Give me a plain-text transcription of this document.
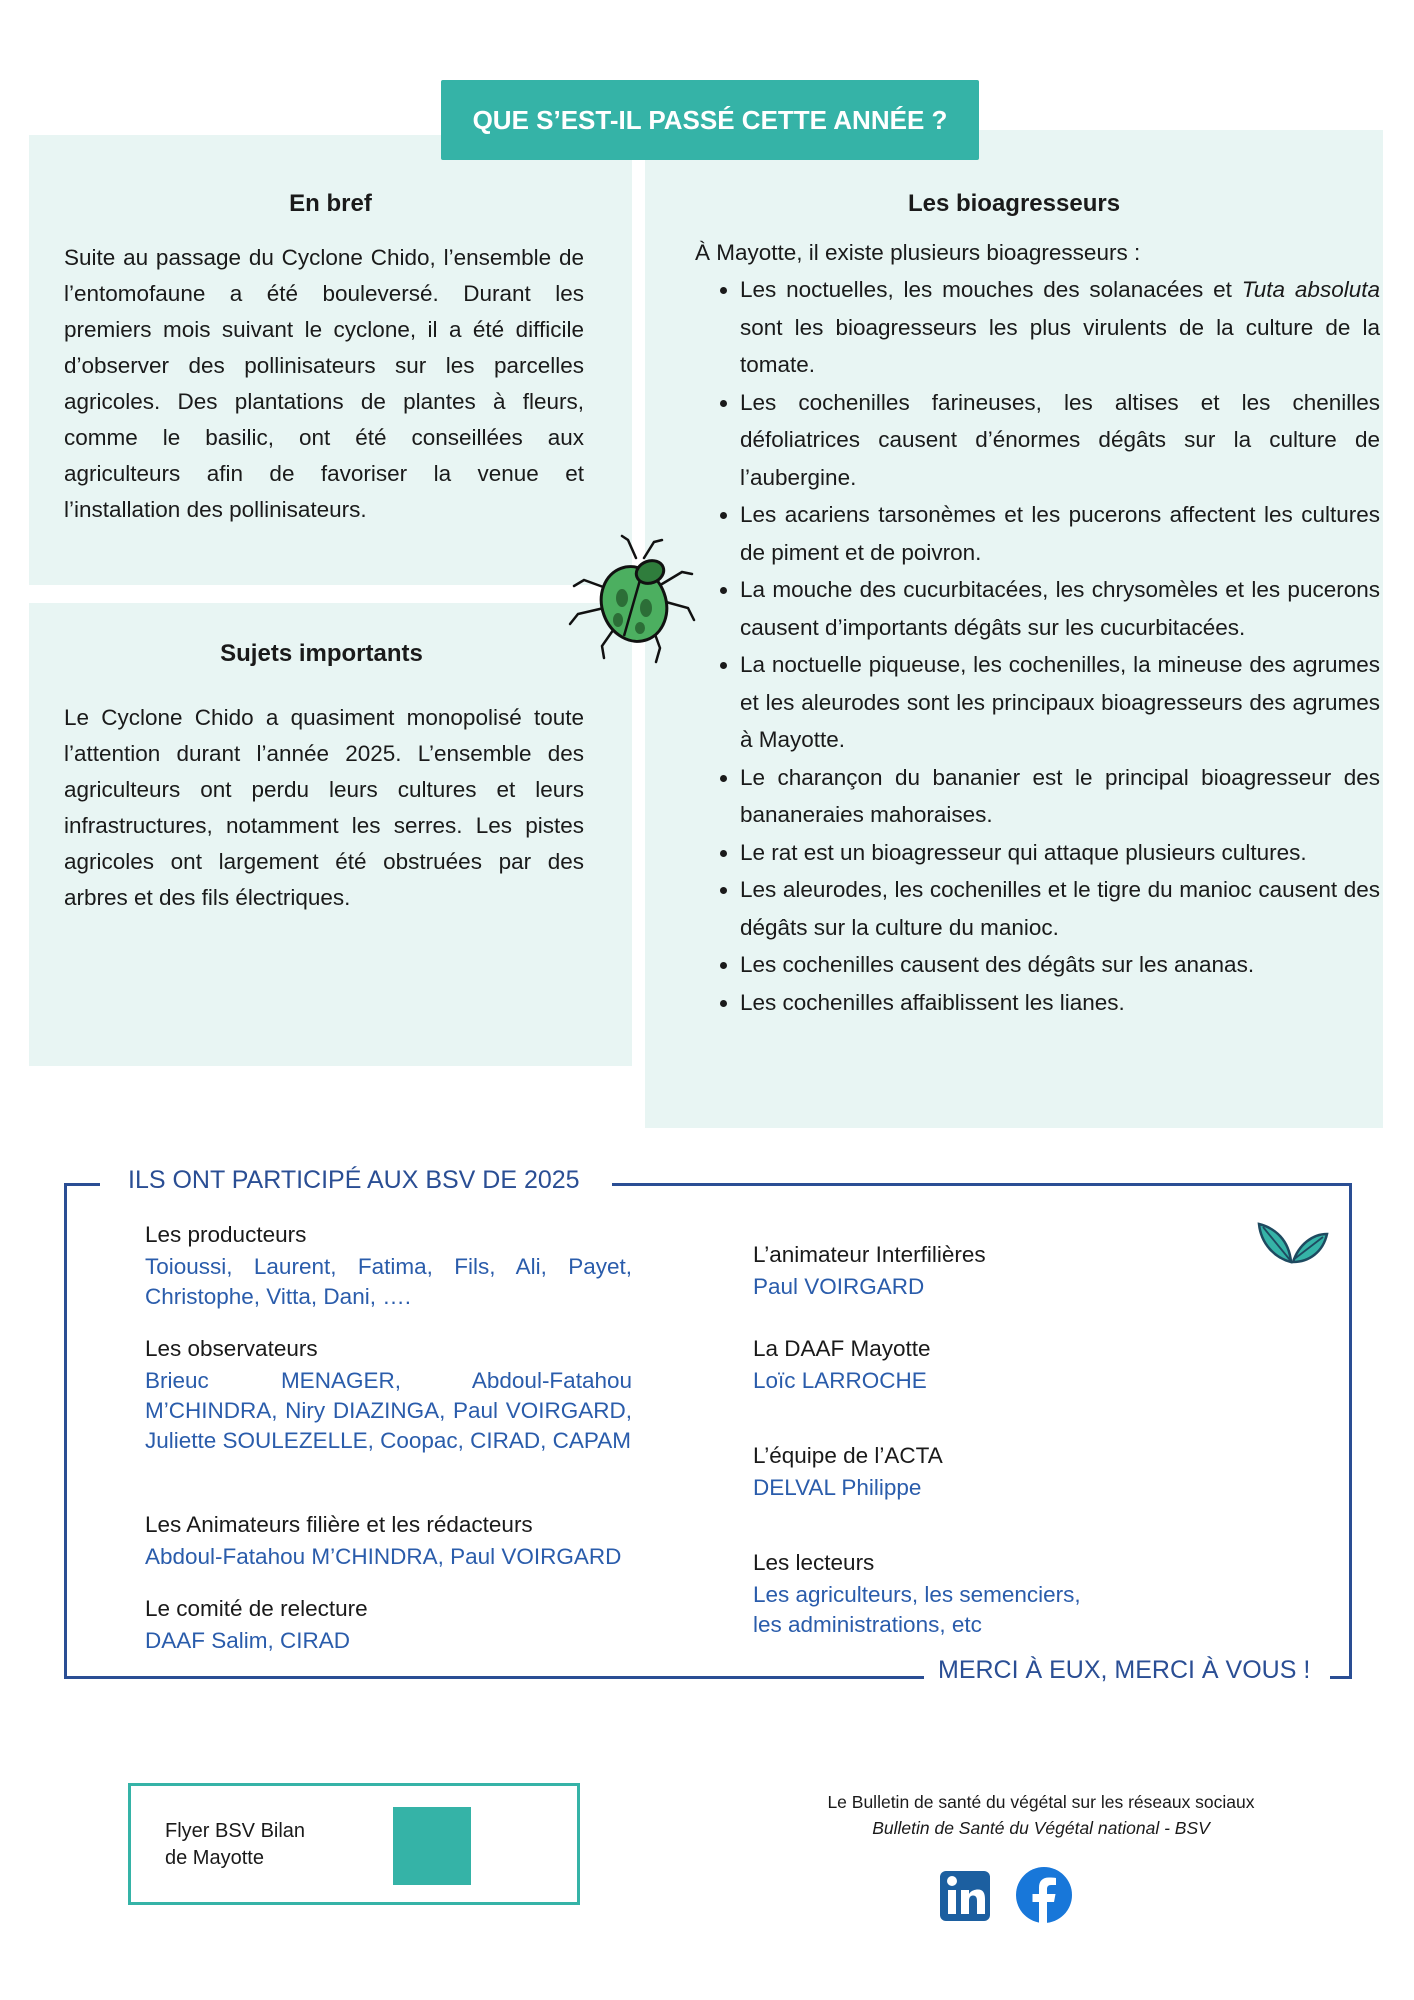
QUE S’EST-IL PASSÉ CETTE ANNÉE ?
En bref

Suite au passage du Cyclone Chido, l’ensemble de l’entomofaune a été bouleversé. Durant les premiers mois suivant le cyclone, il a été difficile d’observer des pollinisateurs sur les parcelles agricoles. Des plantations de plantes à fleurs, comme le basilic, ont été conseillées aux agriculteurs afin de favoriser la venue et l’installation des pollinisateurs.

Sujets importants

Le Cyclone Chido a quasiment monopolisé toute l’attention durant l’année 2025. L’ensemble des agriculteurs ont perdu leurs cultures et leurs infrastructures, notamment les serres. Les pistes agricoles ont largement été obstruées par des arbres et des fils électriques.

Les bioagresseurs
À Mayotte, il existe plusieurs bioagresseurs :
• Les noctuelles, les mouches des solanacées et Tuta absoluta sont les bioagresseurs les plus virulents de la culture de la tomate.
• Les cochenilles farineuses, les altises et les chenilles défoliatrices causent d’énormes dégâts sur la culture de l’aubergine.
• Les acariens tarsonèmes et les pucerons affectent les cultures de piment et de poivron.
• La mouche des cucurbitacées, les chrysomèles et les pucerons causent d’importants dégâts sur les cucurbitacées.
• La noctuelle piqueuse, les cochenilles, la mineuse des agrumes et les aleurodes sont les principaux bioagresseurs des agrumes à Mayotte.
• Le charançon du bananier est le principal bioagresseur des bananeraies mahoraises.
• Le rat est un bioagresseur qui attaque plusieurs cultures.
• Les aleurodes, les cochenilles et le tigre du manioc causent des dégâts sur la culture du manioc.
• Les cochenilles causent des dégâts sur les ananas.
• Les cochenilles affaiblissent les lianes.
ILS ONT PARTICIPÉ AUX BSV DE 2025
MERCI À EUX, MERCI À VOUS !
Les producteurs

Toioussi, Laurent, Fatima, Fils, Ali, Payet, Christophe, Vitta, Dani, ….

Les observateurs

Brieuc MENAGER, Abdoul-Fatahou M’CHINDRA, Niry DIAZINGA, Paul VOIRGARD, Juliette SOULEZELLE, Coopac, CIRAD, CAPAM

Les Animateurs filière et les rédacteurs

Abdoul-Fatahou M’CHINDRA, Paul VOIRGARD

Le comité de relecture

DAAF Salim, CIRAD

L’animateur Interfilières

Paul VOIRGARD

La DAAF Mayotte

Loïc LARROCHE

L’équipe de l’ACTA

DELVAL Philippe

Les lecteurs

Les agriculteurs, les semenciers,

les administrations, etc

Flyer BSV Bilan
de Mayotte
Le Bulletin de santé du végétal sur les réseaux sociaux
Bulletin de Santé du Végétal national - BSV
